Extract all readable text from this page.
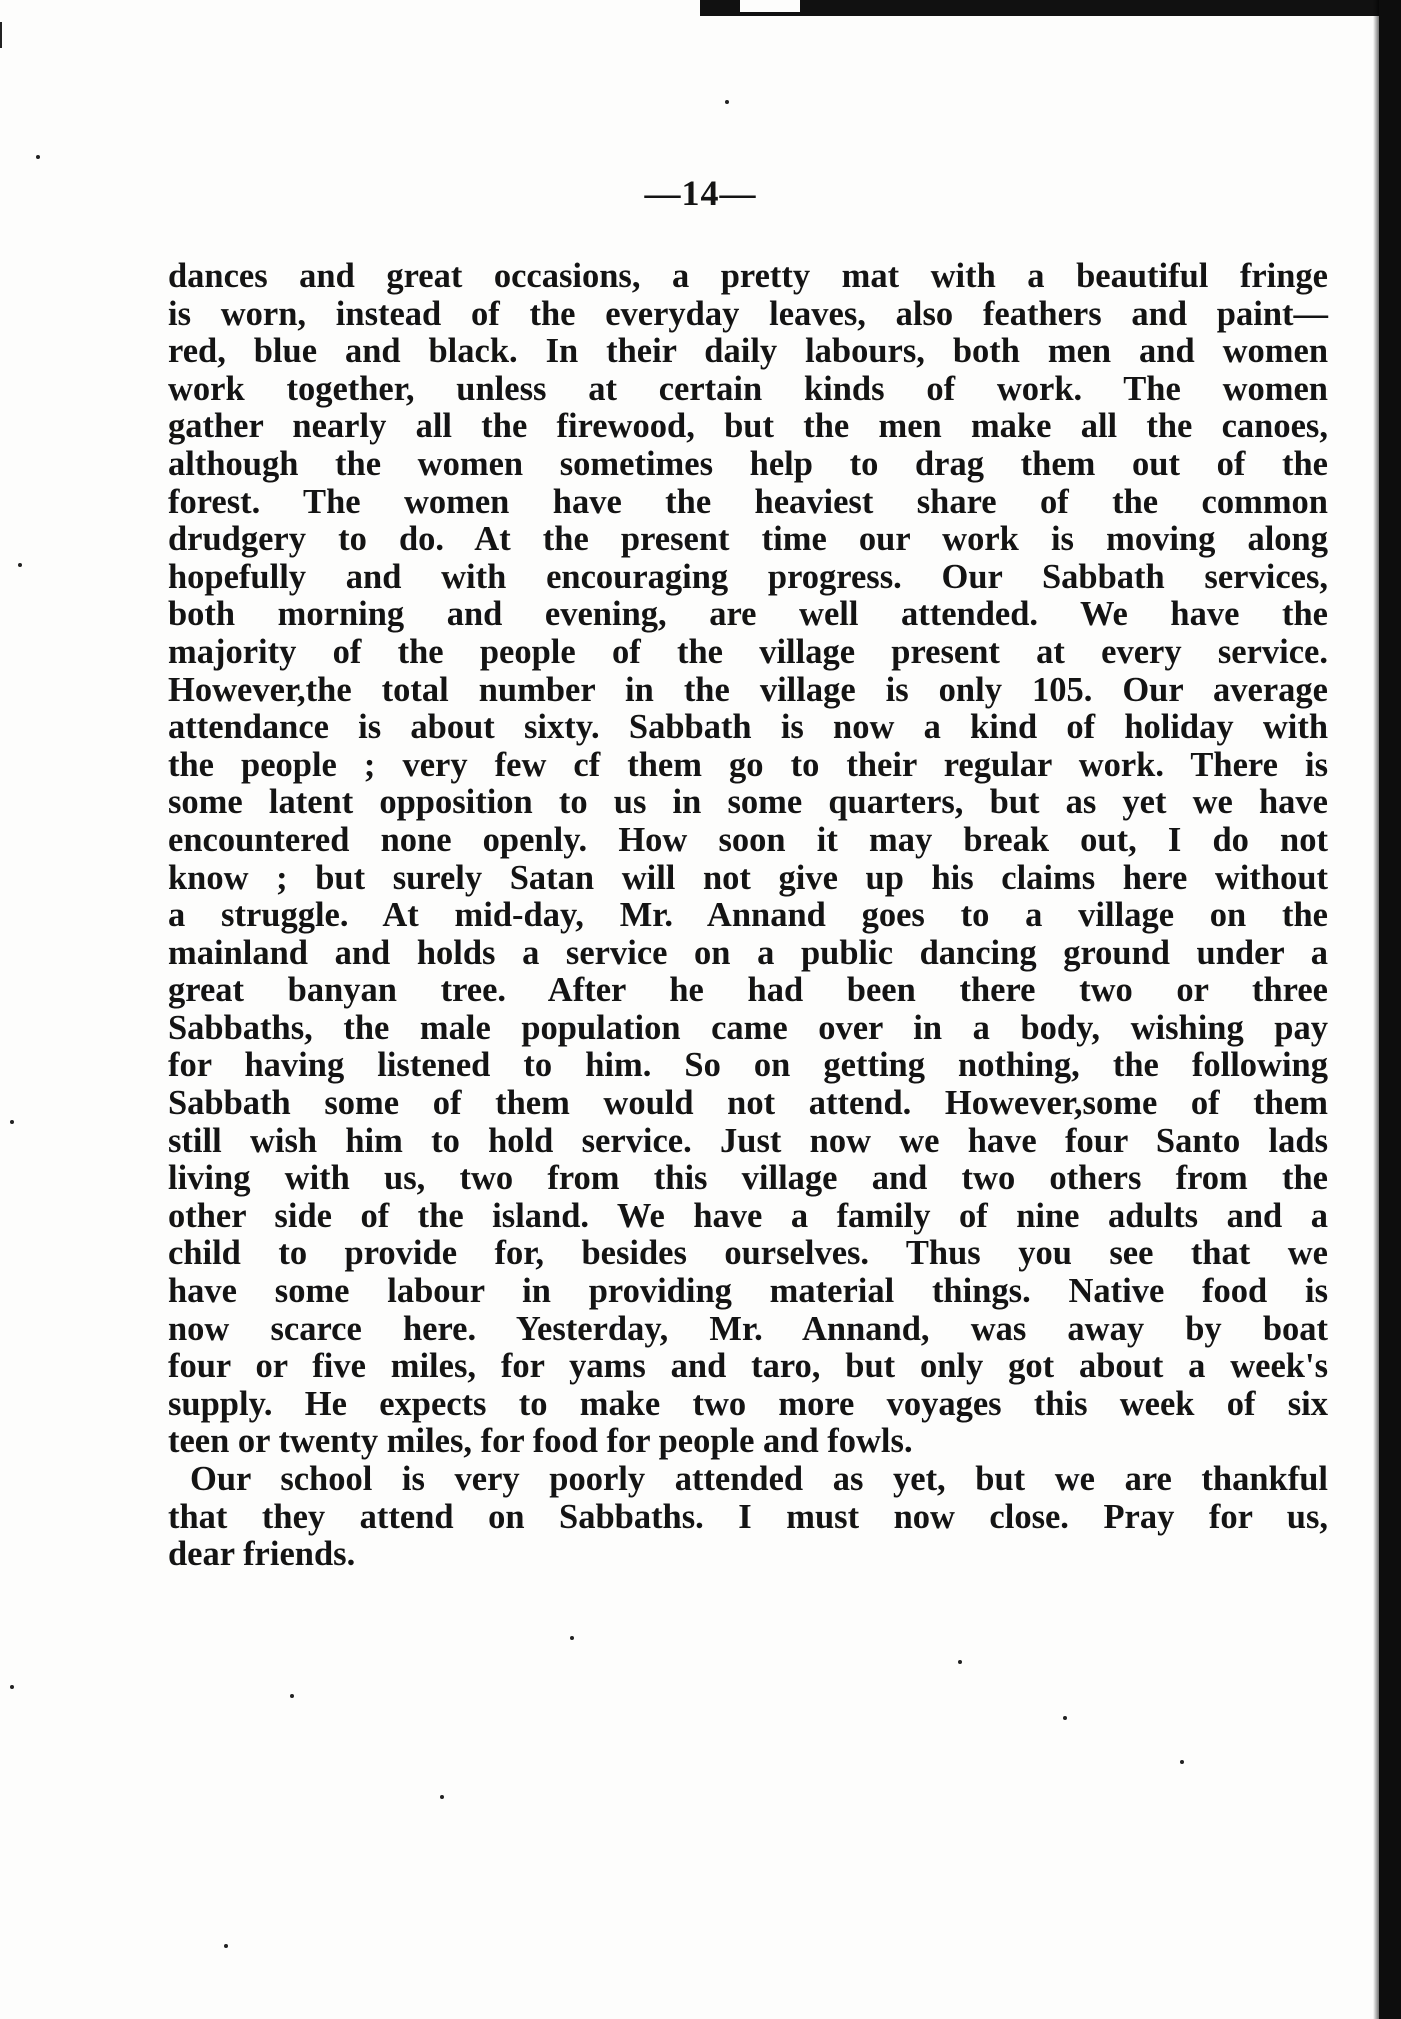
—14—
dances and great occasions, a pretty mat with a beautiful fringe
is worn, instead of the everyday leaves, also feathers and paint—
red, blue and black. In their daily labours, both men and women
work together, unless at certain kinds of work. The women
gather nearly all the firewood, but the men make all the canoes,
although the women sometimes help to drag them out of the
forest. The women have the heaviest share of the common
drudgery to do. At the present time our work is moving along
hopefully and with encouraging progress. Our Sabbath services,
both morning and evening, are well attended. We have the
majority of the people of the village present at every service.
However,the total number in the village is only 105. Our average
attendance is about sixty. Sabbath is now a kind of holiday with
the people ; very few cf them go to their regular work. There is
some latent opposition to us in some quarters, but as yet we have
encountered none openly. How soon it may break out, I do not
know ; but surely Satan will not give up his claims here without
a struggle. At mid-day, Mr. Annand goes to a village on the
mainland and holds a service on a public dancing ground under a
great banyan tree. After he had been there two or three
Sabbaths, the male population came over in a body, wishing pay
for having listened to him. So on getting nothing, the following
Sabbath some of them would not attend. However,some of them
still wish him to hold service. Just now we have four Santo lads
living with us, two from this village and two others from the
other side of the island. We have a family of nine adults and a
child to provide for, besides ourselves. Thus you see that we
have some labour in providing material things. Native food is
now scarce here. Yesterday, Mr. Annand, was away by boat
four or five miles, for yams and taro, but only got about a week's
supply. He expects to make two more voyages this week of six
teen or twenty miles, for food for people and fowls.
Our school is very poorly attended as yet, but we are thankful
that they attend on Sabbaths. I must now close. Pray for us,
dear friends.
